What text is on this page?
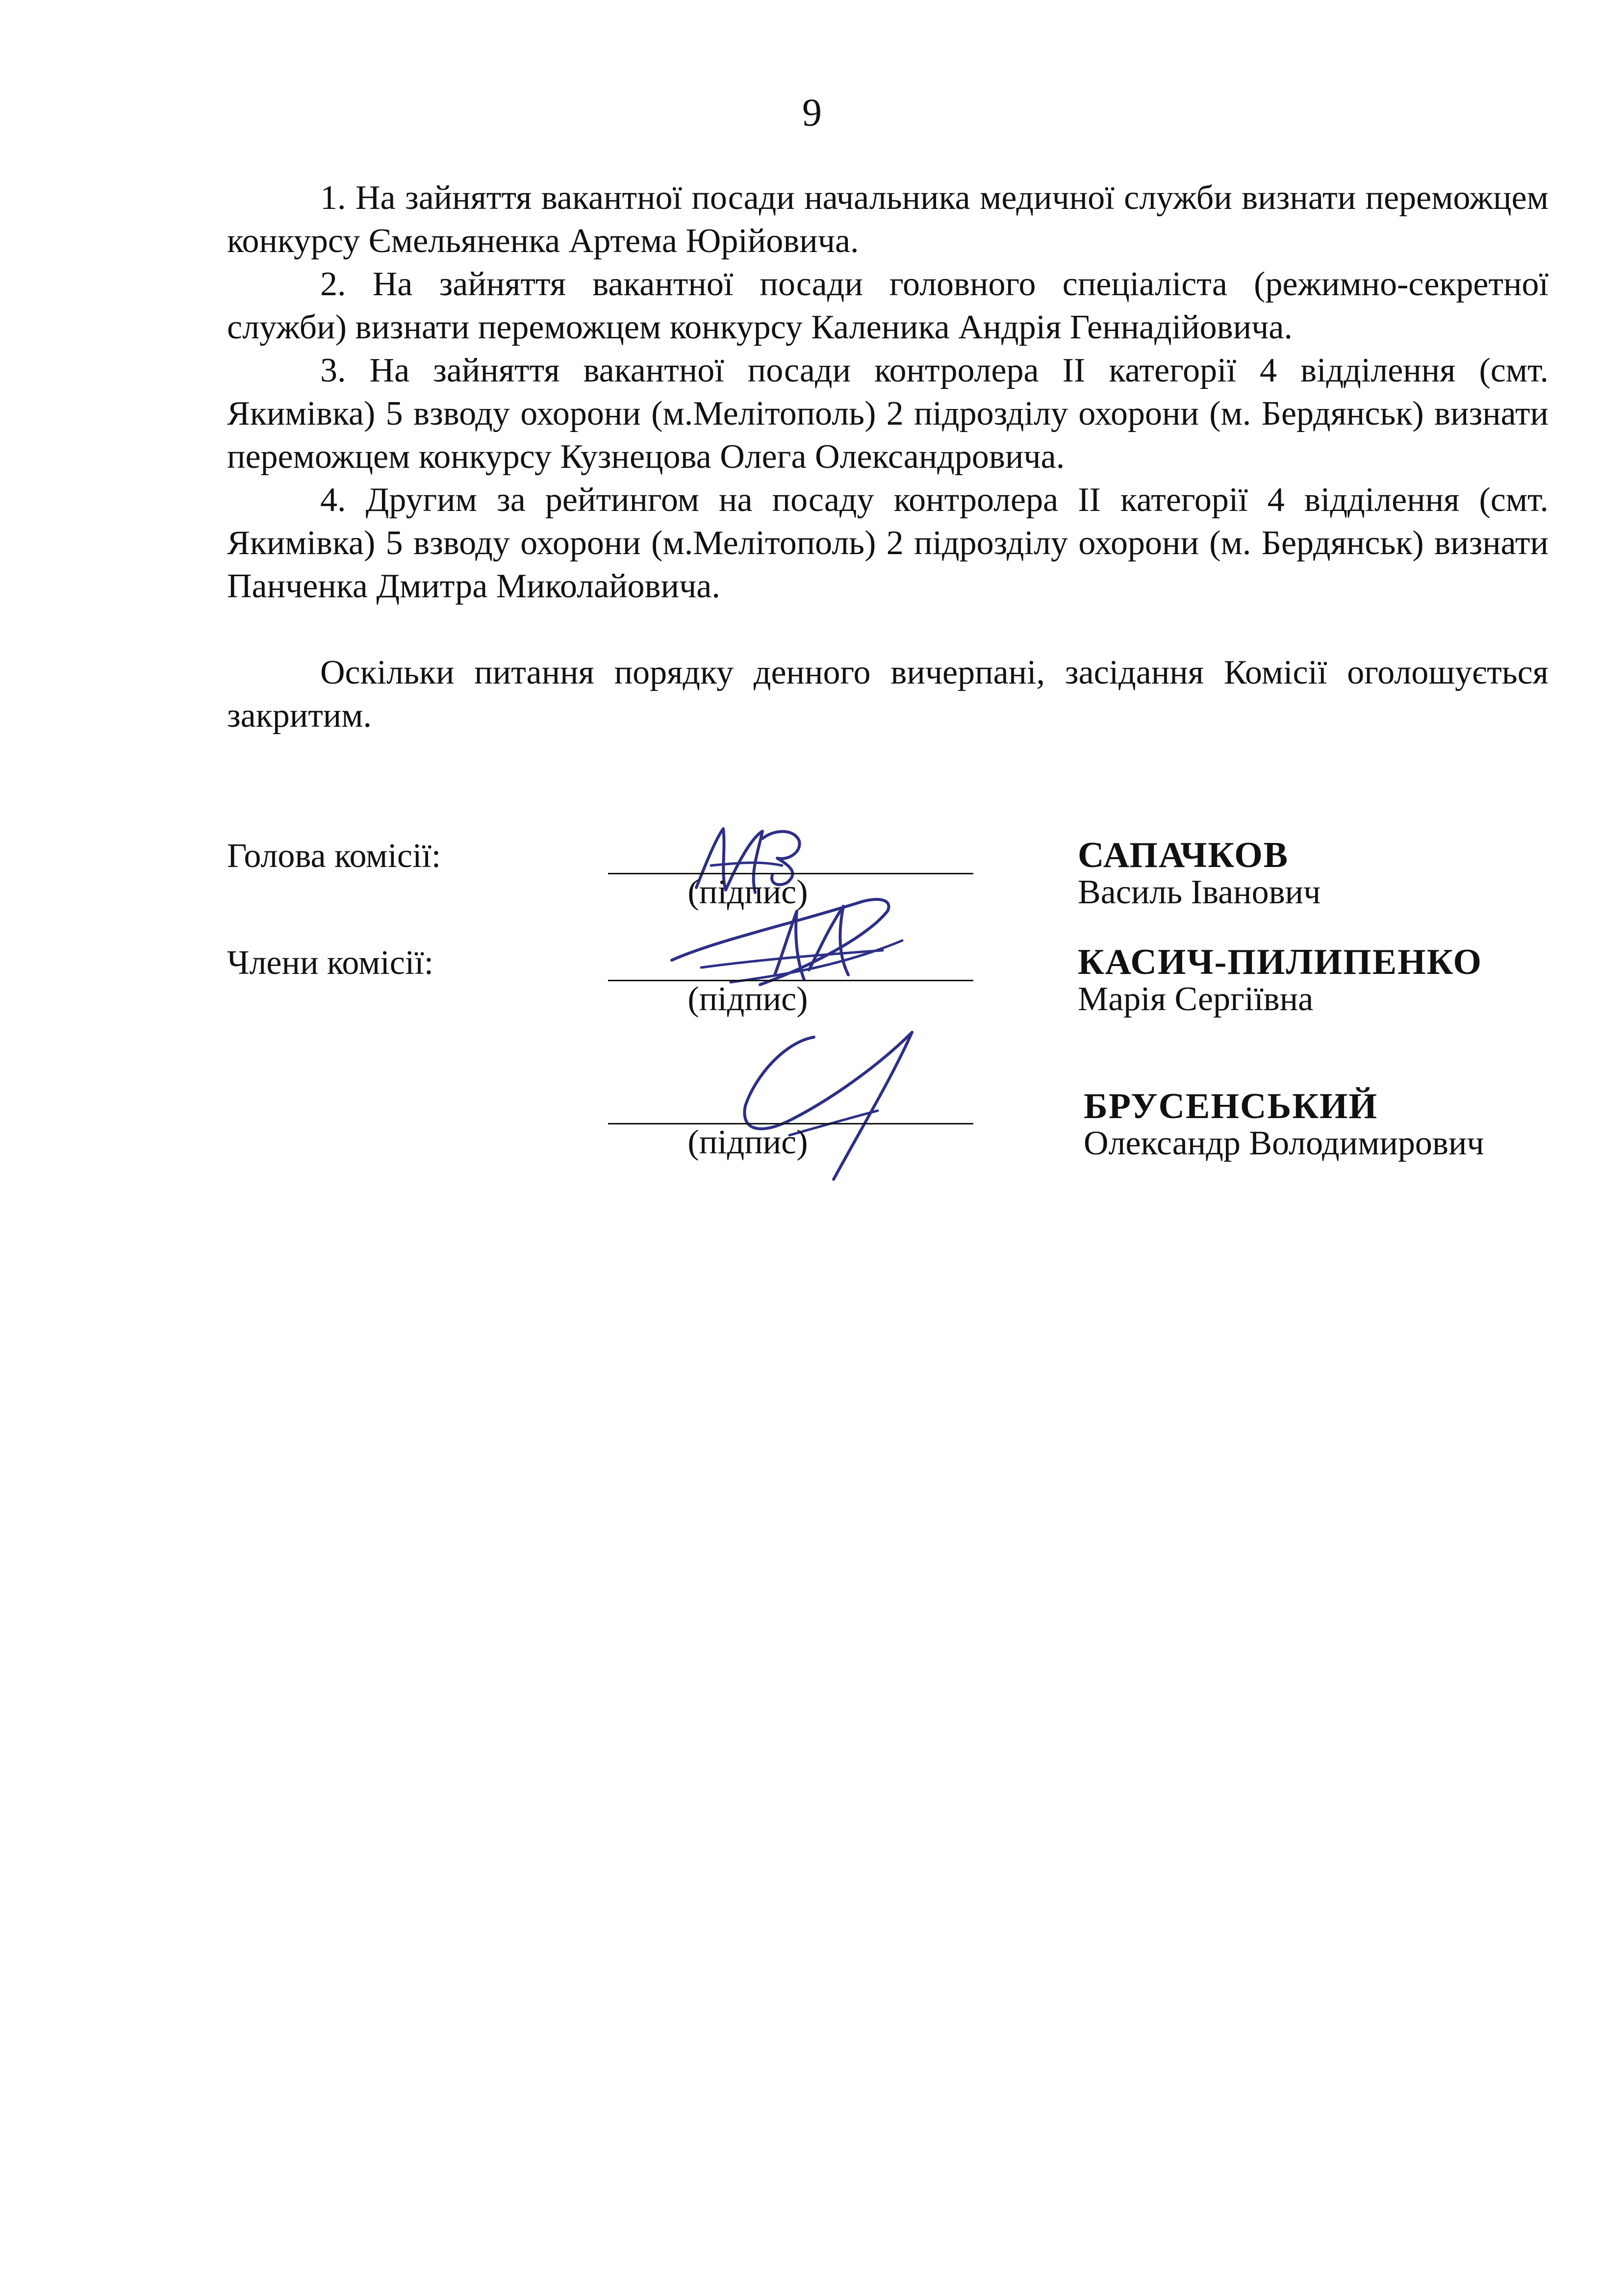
9

1. На зайняття вакантної посади начальника медичної служби визнати переможцем конкурсу Ємельяненка Артема Юрійовича.

2. На зайняття вакантної посади головного спеціаліста (режимно-секретної служби) визнати переможцем конкурсу Каленика Андрія Геннадійовича.

3. На зайняття вакантної посади контролера ІІ категорії 4 відділення (смт. Якимівка) 5 взводу охорони (м.Мелітополь) 2 підрозділу охорони (м. Бердянськ) визнати переможцем конкурсу Кузнецова Олега Олександровича.

4. Другим за рейтингом на посаду контролера ІІ категорії 4 відділення (смт. Якимівка) 5 взводу охорони (м.Мелітополь) 2 підрозділу охорони (м. Бердянськ) визнати Панченка Дмитра Миколайовича.

Оскільки питання порядку денного вичерпані, засідання Комісії оголошується закритим.

Голова комісії:
(підпис)
САПАЧКОВ
Василь Іванович
Члени комісії:
(підпис)
КАСИЧ-ПИЛИПЕНКО
Марія Сергіївна
(підпис)
БРУСЕНСЬКИЙ
Олександр Володимирович
